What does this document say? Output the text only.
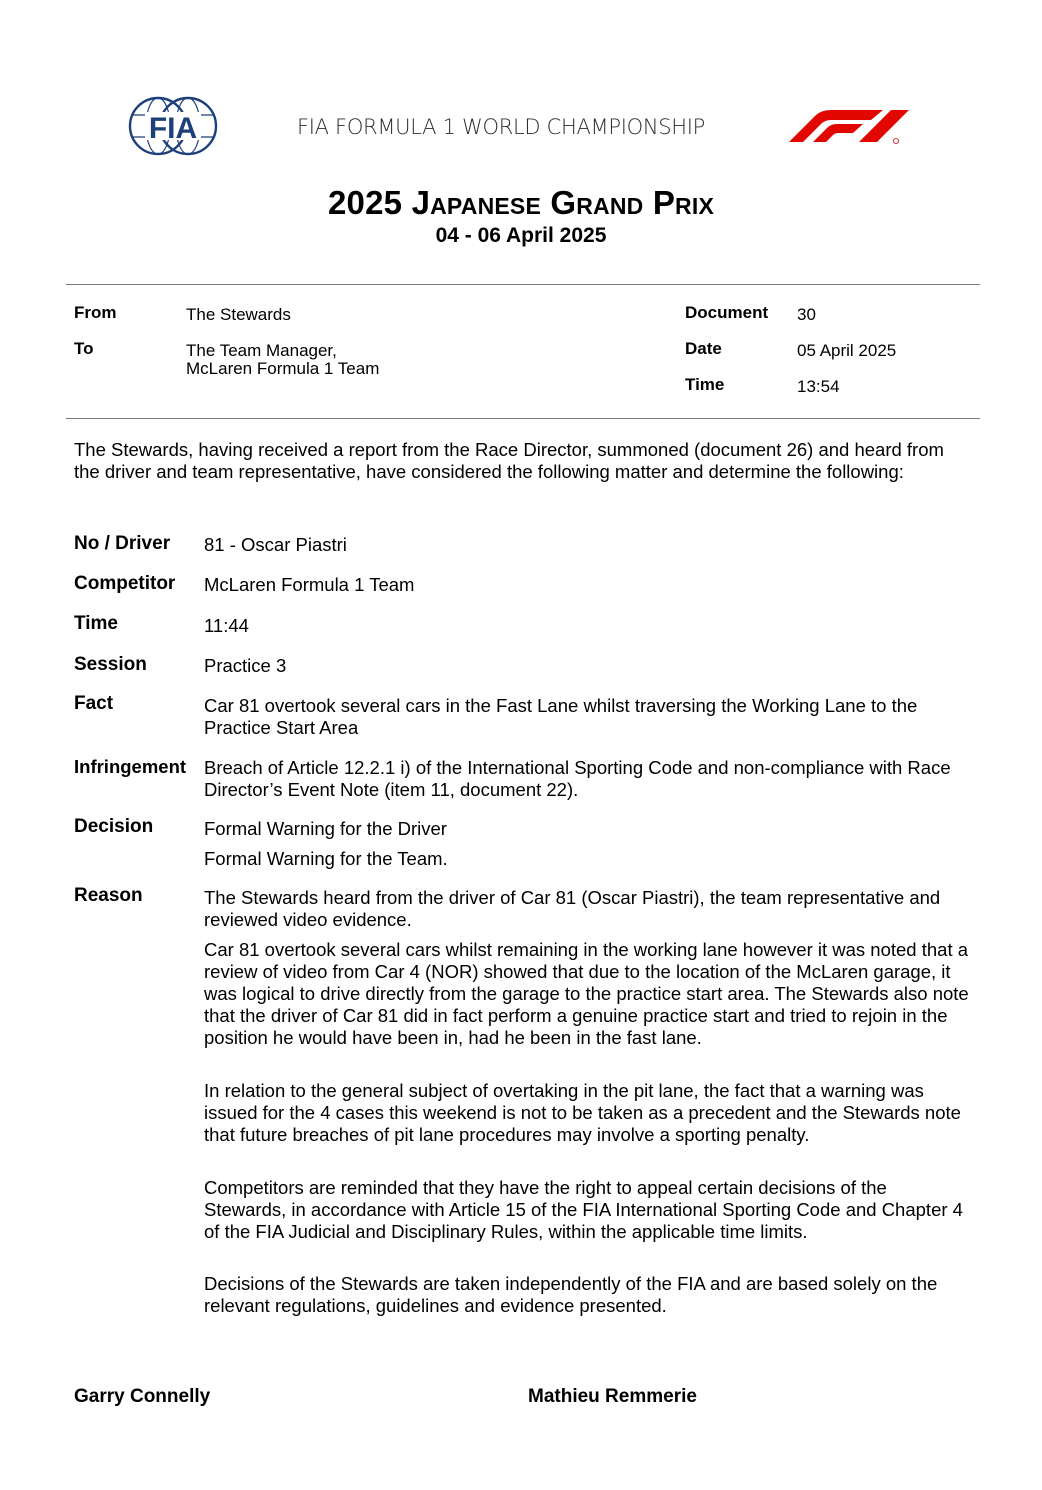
FIA	FIA FORMULA 1 WORLD CHAMPIONSHIP
2025 Japanese Grand Prix
04 - 06 April 2025
From	The Stewards
To	The Team Manager,
McLaren Formula 1 Team
Document 30
Date	05 April 2025
Time	13:54
The Stewards, having received a report from the Race Director, summoned (document 26) and heard from the driver and team representative, have considered the following matter and determine the following:
No / Driver 81 - Oscar Piastri
Competitor McLaren Formula 1 Team
Time	11:44
Session	Practice 3
Fact	Car 81 overtook several cars in the Fast Lane whilst traversing the Working Lane to the Practice Start Area
Infringement Breach of Article 12.2.1 i) of the International Sporting Code and non-compliance with Race Director’s Event Note (item 11, document 22).
Decision	Formal Warning for the Driver
Formal Warning for the Team.
Reason	The Stewards heard from the driver of Car 81 (Oscar Piastri), the team representative and reviewed video evidence.
Car 81 overtook several cars whilst remaining in the working lane however it was noted that a review of video from Car 4 (NOR) showed that due to the location of the McLaren garage, it was logical to drive directly from the garage to the practice start area. The Stewards also note that the driver of Car 81 did in fact perform a genuine practice start and tried to rejoin in the position he would have been in, had he been in the fast lane.
In relation to the general subject of overtaking in the pit lane, the fact that a warning was issued for the 4 cases this weekend is not to be taken as a precedent and the Stewards note that future breaches of pit lane procedures may involve a sporting penalty.
Competitors are reminded that they have the right to appeal certain decisions of the Stewards, in accordance with Article 15 of the FIA International Sporting Code and Chapter 4 of the FIA Judicial and Disciplinary Rules, within the applicable time limits.
Decisions of the Stewards are taken independently of the FIA and are based solely on the relevant regulations, guidelines and evidence presented.
Garry Connelly	Mathieu Remmerie
